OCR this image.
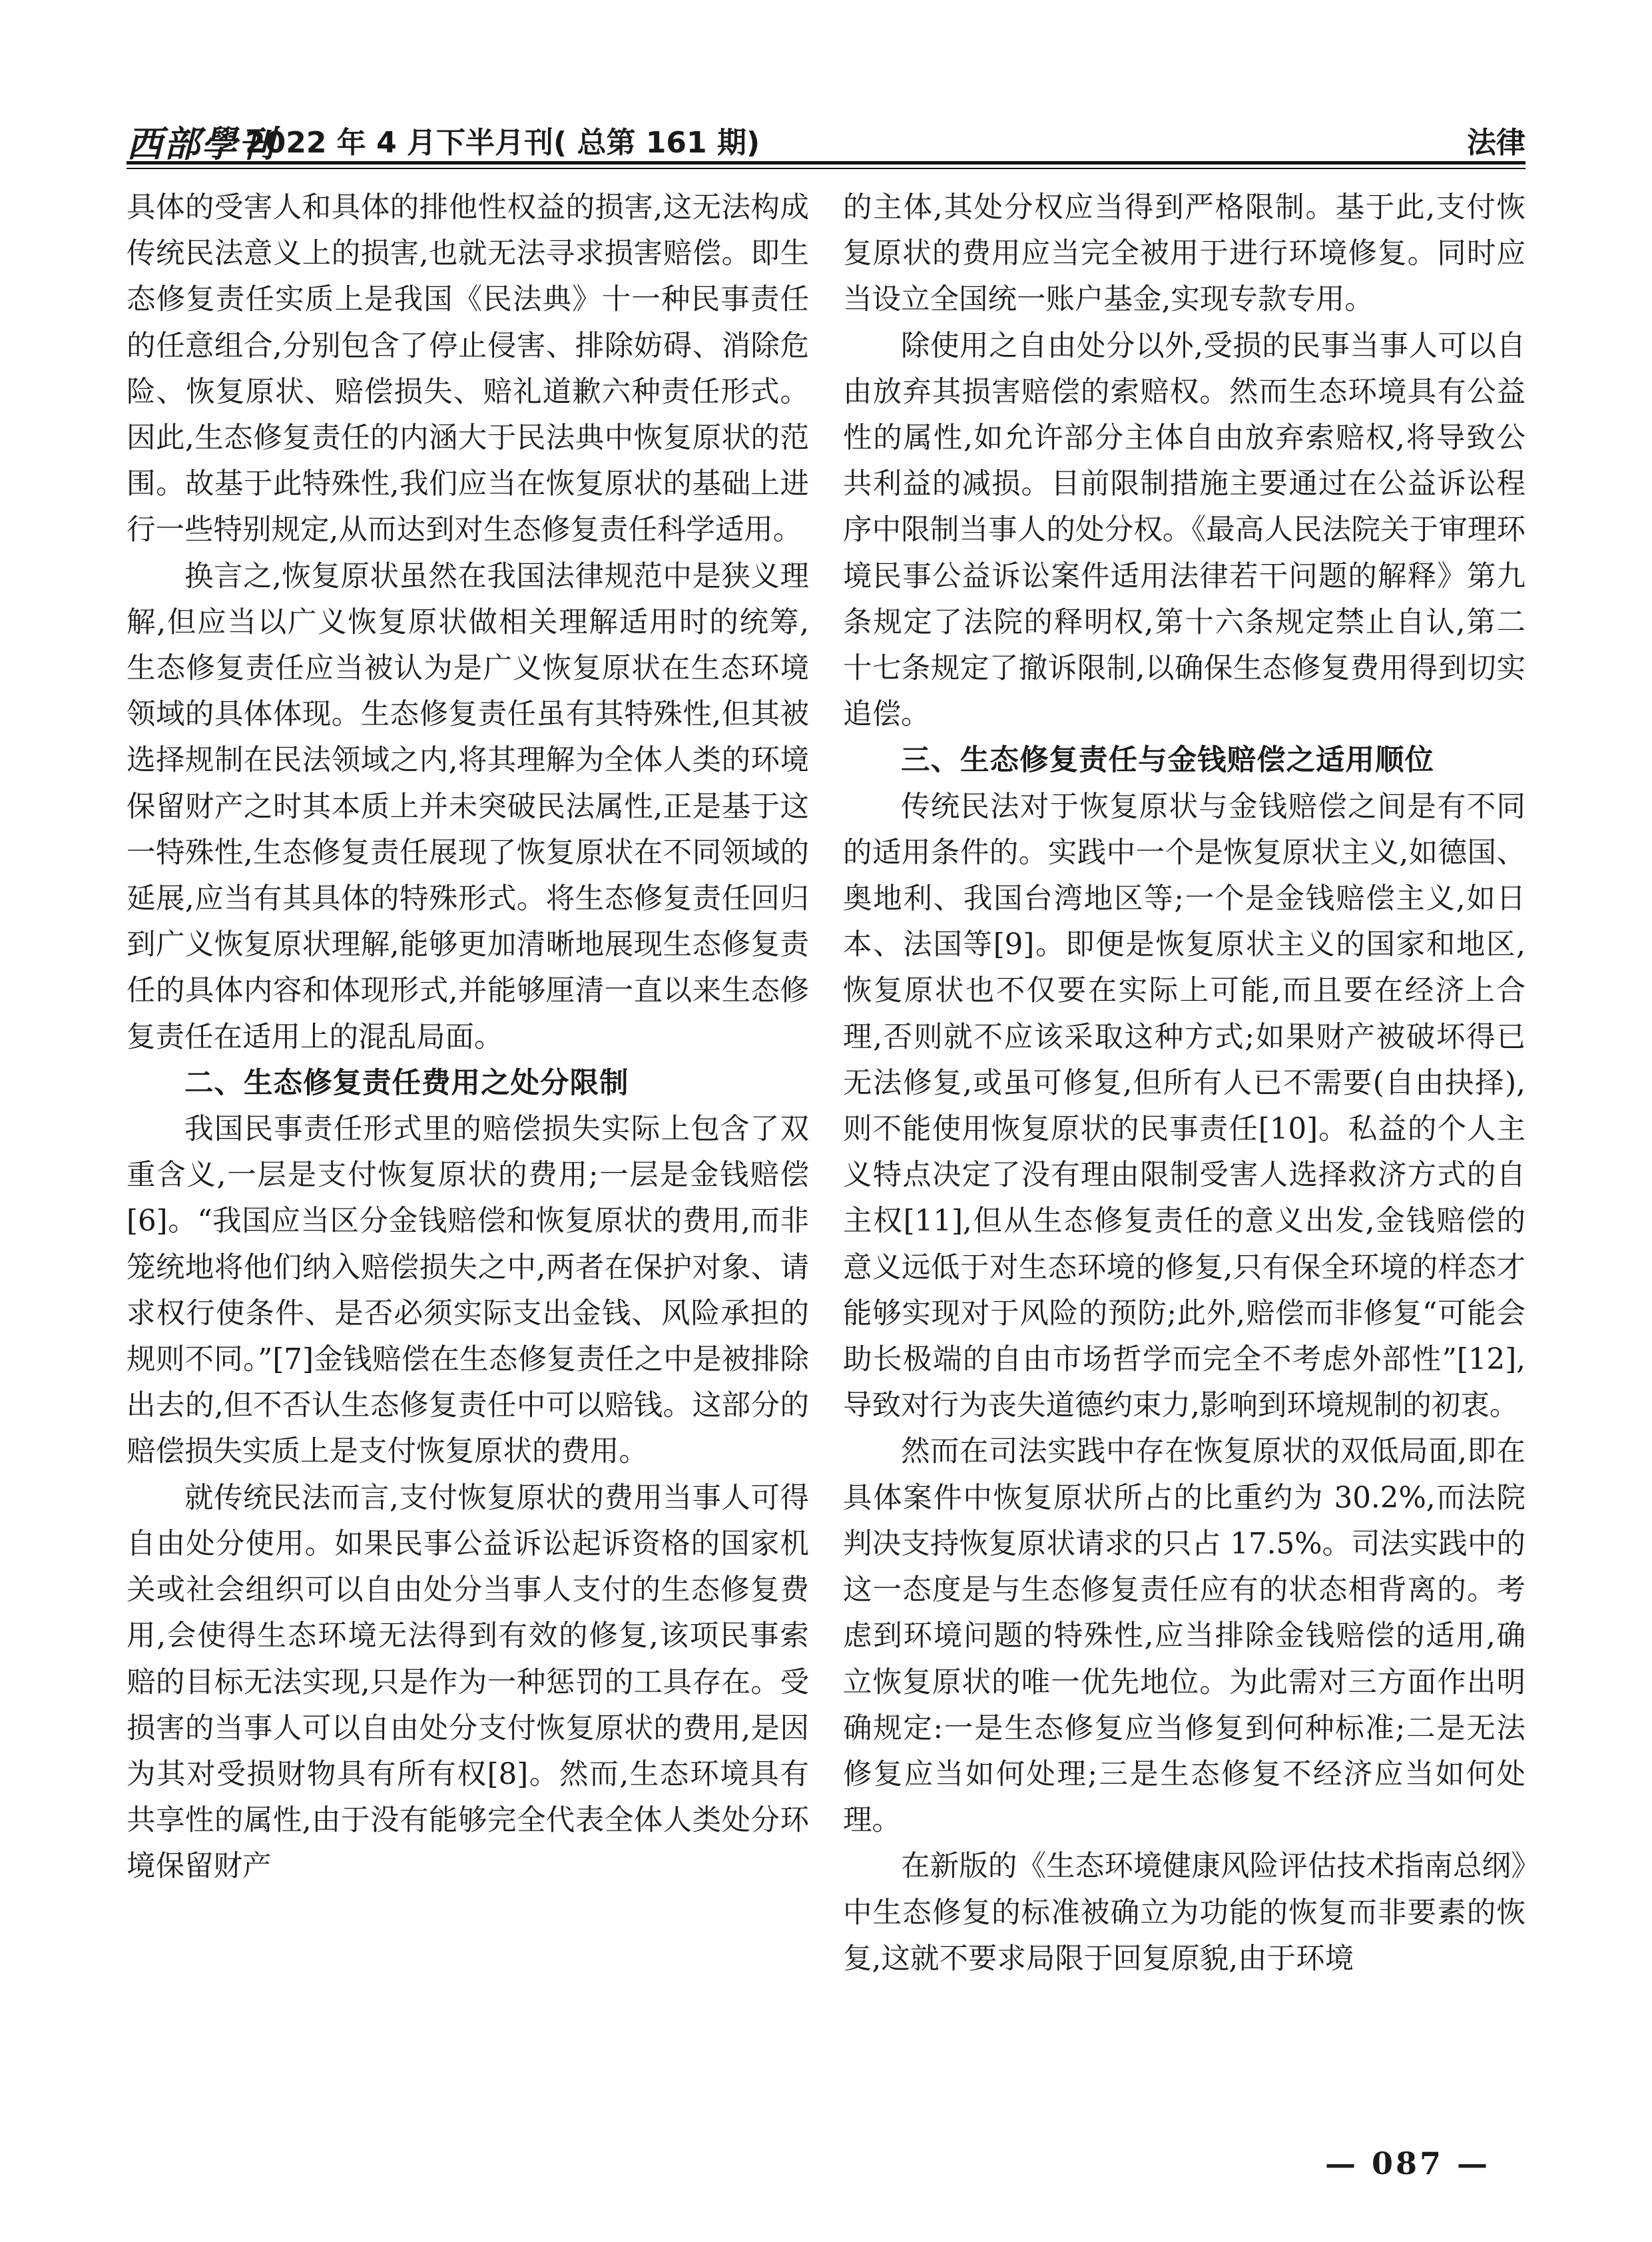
西部學刊
2022 年 4 月下半月刊( 总第 161 期)	法律

具体的受害人和具体的排他性权益的损害,这无法构成传统民法意义上的损害,也就无法寻求损害赔偿。即生态修复责任实质上是我国《民法典》十一种民事责任的任意组合,分别包含了停止侵害、排除妨碍、消除危险、恢复原状、赔偿损失、赔礼道歉六种责任形式。因此,生态修复责任的内涵大于民法典中恢复原状的范围。故基于此特殊性,我们应当在恢复原状的基础上进行一些特别规定,从而达到对生态修复责任科学适用。

换言之,恢复原状虽然在我国法律规范中是狭义理解,但应当以广义恢复原状做相关理解适用时的统筹,生态修复责任应当被认为是广义恢复原状在生态环境领域的具体体现。生态修复责任虽有其特殊性,但其被选择规制在民法领域之内,将其理解为全体人类的环境保留财产之时其本质上并未突破民法属性,正是基于这一特殊性,生态修复责任展现了恢复原状在不同领域的延展,应当有其具体的特殊形式。将生态修复责任回归到广义恢复原状理解,能够更加清晰地展现生态修复责任的具体内容和体现形式,并能够厘清一直以来生态修复责任在适用上的混乱局面。

二、生态修复责任费用之处分限制

我国民事责任形式里的赔偿损失实际上包含了双重含义,一层是支付恢复原状的费用;一层是金钱赔偿[6]。“我国应当区分金钱赔偿和恢复原状的费用,而非笼统地将他们纳入赔偿损失之中,两者在保护对象、请求权行使条件、是否必须实际支出金钱、风险承担的规则不同。”[7]金钱赔偿在生态修复责任之中是被排除出去的,但不否认生态修复责任中可以赔钱。这部分的赔偿损失实质上是支付恢复原状的费用。

就传统民法而言,支付恢复原状的费用当事人可得自由处分使用。如果民事公益诉讼起诉资格的国家机关或社会组织可以自由处分当事人支付的生态修复费用,会使得生态环境无法得到有效的修复,该项民事索赔的目标无法实现,只是作为一种惩罚的工具存在。受损害的当事人可以自由处分支付恢复原状的费用,是因为其对受损财物具有所有权[8]。然而,生态环境具有共享性的属性,由于没有能够完全代表全体人类处分环境保留财产

的主体,其处分权应当得到严格限制。基于此,支付恢复原状的费用应当完全被用于进行环境修复。同时应当设立全国统一账户基金,实现专款专用。

除使用之自由处分以外,受损的民事当事人可以自由放弃其损害赔偿的索赔权。然而生态环境具有公益性的属性,如允许部分主体自由放弃索赔权,将导致公共利益的减损。目前限制措施主要通过在公益诉讼程序中限制当事人的处分权。《最高人民法院关于审理环境民事公益诉讼案件适用法律若干问题的解释》第九条规定了法院的释明权,第十六条规定禁止自认,第二十七条规定了撤诉限制,以确保生态修复费用得到切实追偿。

三、生态修复责任与金钱赔偿之适用顺位

传统民法对于恢复原状与金钱赔偿之间是有不同的适用条件的。实践中一个是恢复原状主义,如德国、奥地利、我国台湾地区等;一个是金钱赔偿主义,如日本、法国等[9]。即便是恢复原状主义的国家和地区,恢复原状也不仅要在实际上可能,而且要在经济上合理,否则就不应该采取这种方式;如果财产被破坏得已无法修复,或虽可修复,但所有人已不需要(自由抉择),则不能使用恢复原状的民事责任[10]。私益的个人主义特点决定了没有理由限制受害人选择救济方式的自主权[11],但从生态修复责任的意义出发,金钱赔偿的意义远低于对生态环境的修复,只有保全环境的样态才能够实现对于风险的预防;此外,赔偿而非修复“可能会助长极端的自由市场哲学而完全不考虑外部性”[12],导致对行为丧失道德约束力,影响到环境规制的初衷。

然而在司法实践中存在恢复原状的双低局面,即在具体案件中恢复原状所占的比重约为 30.2%,而法院判决支持恢复原状请求的只占 17.5%。司法实践中的这一态度是与生态修复责任应有的状态相背离的。考虑到环境问题的特殊性,应当排除金钱赔偿的适用,确立恢复原状的唯一优先地位。为此需对三方面作出明确规定:一是生态修复应当修复到何种标准;二是无法修复应当如何处理;三是生态修复不经济应当如何处理。

在新版的《生态环境健康风险评估技术指南总纲》中生态修复的标准被确立为功能的恢复而非要素的恢复,这就不要求局限于回复原貌,由于环境

— 087 —
